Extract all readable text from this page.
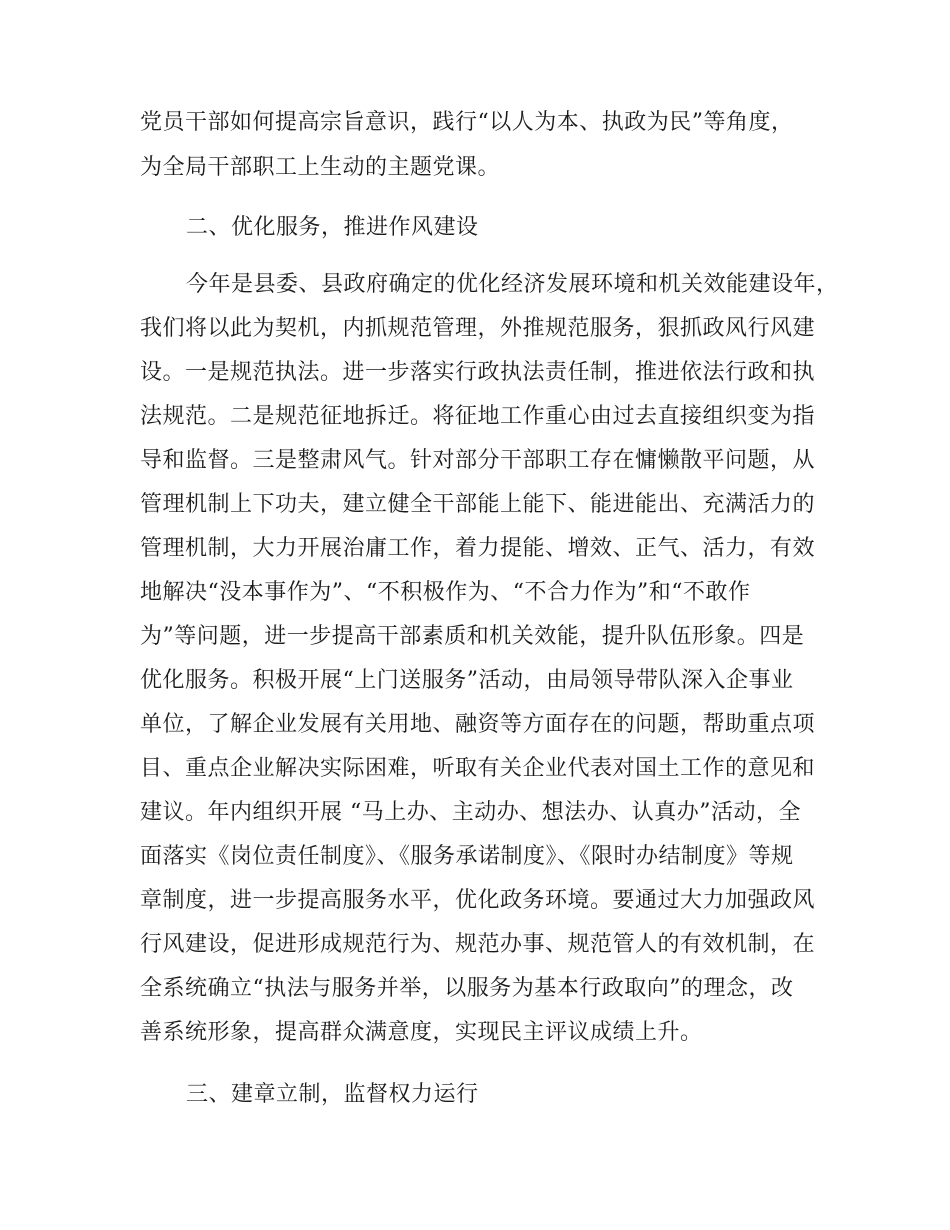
党员干部如何提高宗旨意识，践行“以人为本、执政为民”等角度，
为全局干部职工上生动的主题党课。
二、优化服务，推进作风建设
今年是县委、县政府确定的优化经济发展环境和机关效能建设年，
我们将以此为契机，内抓规范管理，外推规范服务，狠抓政风行风建
设。一是规范执法。进一步落实行政执法责任制，推进依法行政和执
法规范。二是规范征地拆迁。将征地工作重心由过去直接组织变为指
导和监督。三是整肃风气。针对部分干部职工存在慵懒散平问题，从
管理机制上下功夫，建立健全干部能上能下、能进能出、充满活力的
管理机制，大力开展治庸工作，着力提能、增效、正气、活力，有效
地解决“没本事作为”、“不积极作为、“不合力作为”和“不敢作
为”等问题，进一步提高干部素质和机关效能，提升队伍形象。四是
优化服务。积极开展“上门送服务”活动，由局领导带队深入企事业
单位，了解企业发展有关用地、融资等方面存在的问题，帮助重点项
目、重点企业解决实际困难，听取有关企业代表对国土工作的意见和
建议。年内组织开展 “马上办、主动办、想法办、认真办”活动，全
面落实《岗位责任制度》、《服务承诺制度》、《限时办结制度》等规
章制度，进一步提高服务水平，优化政务环境。要通过大力加强政风
行风建设，促进形成规范行为、规范办事、规范管人的有效机制，在
全系统确立“执法与服务并举，以服务为基本行政取向”的理念，改
善系统形象，提高群众满意度，实现民主评议成绩上升。
三、建章立制，监督权力运行
